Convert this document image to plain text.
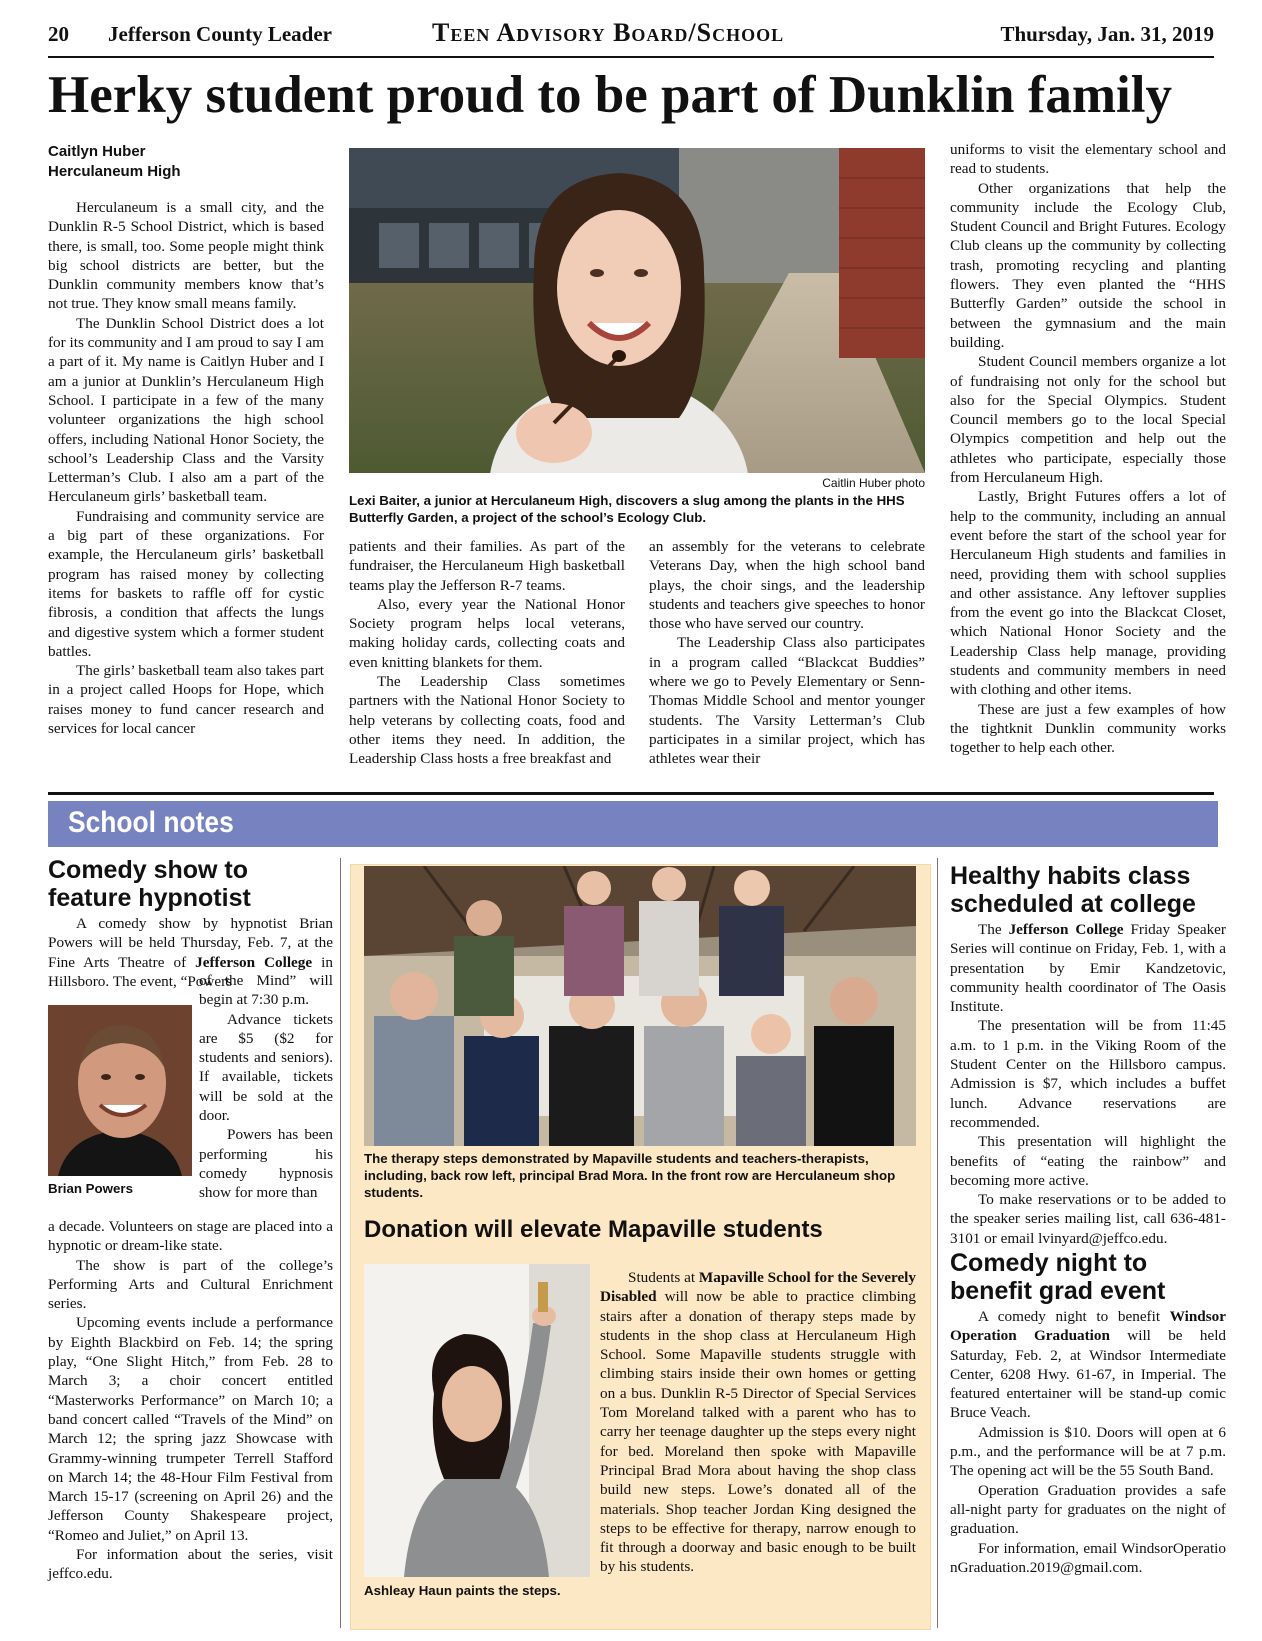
20 Jefferson County Leader	Teen Advisory Board/School	Thursday, Jan. 31, 2019
Herky student proud to be part of Dunklin family
Caitlyn Huber
Herculaneum High

Herculaneum is a small city, and the Dunklin R-5 School District, which is based there, is small, too. Some people might think big school districts are better, but the Dunklin community members know that’s not true. They know small means family.

The Dunklin School District does a lot for its community and I am proud to say I am a part of it. My name is Caitlyn Huber and I am a junior at Dunklin’s Herculaneum High School. I participate in a few of the many volunteer organizations the high school offers, including National Honor Society, the school’s Leadership Class and the Varsity Letterman’s Club. I also am a part of the Herculaneum girls’ basketball team.

Fundraising and community service are a big part of these organizations. For example, the Herculaneum girls’ basketball program has raised money by collecting items for baskets to raffle off for cystic fibrosis, a condition that affects the lungs and digestive system which a former student battles.

The girls’ basketball team also takes part in a project called Hoops for Hope, which raises money to fund cancer research and services for local cancer

Caitlin Huber photo
Lexi Baiter, a junior at Herculaneum High, discovers a slug among the plants in the HHS Butterfly Garden, a project of the school’s Ecology Club.

patients and their families. As part of the fundraiser, the Herculaneum High basketball teams play the Jefferson R-7 teams.

Also, every year the National Honor Society program helps local veterans, making holiday cards, collecting coats and even knitting blankets for them.

The Leadership Class sometimes partners with the National Honor Society to help veterans by collecting coats, food and other items they need. In addition, the Leadership Class hosts a free breakfast and

an assembly for the veterans to celebrate Veterans Day, when the high school band plays, the choir sings, and the leadership students and teachers give speeches to honor those who have served our country.

The Leadership Class also participates in a program called “Blackcat Buddies” where we go to Pevely Elementary or Senn-Thomas Middle School and mentor younger students. The Varsity Letterman’s Club participates in a similar project, which has athletes wear their

uniforms to visit the elementary school and read to students.

Other organizations that help the community include the Ecology Club, Student Council and Bright Futures. Ecology Club cleans up the community by collecting trash, promoting recycling and planting flowers. They even planted the “HHS Butterfly Garden” outside the school in between the gymnasium and the main building.

Student Council members organize a lot of fundraising not only for the school but also for the Special Olympics. Student Council members go to the local Special Olympics competition and help out the athletes who participate, especially those from Herculaneum High.

Lastly, Bright Futures offers a lot of help to the community, including an annual event before the start of the school year for Herculaneum High students and families in need, providing them with school supplies and other assistance. Any leftover supplies from the event go into the Blackcat Closet, which National Honor Society and the Leadership Class help manage, providing students and community members in need with clothing and other items.

These are just a few examples of how the tightknit Dunklin community works together to help each other.

School notes
Comedy show to feature hypnotist

A comedy show by hypnotist Brian Powers will be held Thursday, Feb. 7, at the Fine Arts Theatre of Jefferson College in Hillsboro. The event, “Powers

Brian Powers

of the Mind” will begin at 7:30 p.m.

Advance tickets are $5 ($2 for students and seniors). If available, tickets will be sold at the door.

Powers has been performing his comedy hypnosis show for more than

a decade. Volunteers on stage are placed into a hypnotic or dream-like state.

The show is part of the college’s Performing Arts and Cultural Enrichment series.

Upcoming events include a performance by Eighth Blackbird on Feb. 14; the spring play, “One Slight Hitch,” from Feb. 28 to March 3; a choir concert entitled “Masterworks Performance” on March 10; a band concert called “Travels of the Mind” on March 12; the spring jazz Showcase with Grammy-winning trumpeter Terrell Stafford on March 14; the 48-Hour Film Festival from March 15-17 (screening on April 26) and the Jefferson County Shakespeare project, “Romeo and Juliet,” on April 13.

For information about the series, visit jeffco.edu.

The therapy steps demonstrated by Mapaville students and teachers-therapists, including, back row left, principal Brad Mora. In the front row are Herculaneum shop students.
Donation will elevate Mapaville students
Ashleay Haun paints the steps.

Students at Mapaville School for the Severely Disabled will now be able to practice climbing stairs after a donation of therapy steps made by students in the shop class at Herculaneum High School. Some Mapaville students struggle with climbing stairs inside their own homes or getting on a bus. Dunklin R-5 Director of Special Services Tom Moreland talked with a parent who has to carry her teenage daughter up the steps every night for bed. Moreland then spoke with Mapaville Principal Brad Mora about having the shop class build new steps. Lowe’s donated all of the materials. Shop teacher Jordan King designed the steps to be effective for therapy, narrow enough to fit through a doorway and basic enough to be built by his students.

Healthy habits class scheduled at college

The Jefferson College Friday Speaker Series will continue on Friday, Feb. 1, with a presentation by Emir Kandzetovic, community health coordinator of The Oasis Institute.

The presentation will be from 11:45 a.m. to 1 p.m. in the Viking Room of the Student Center on the Hillsboro campus. Admission is $7, which includes a buffet lunch. Advance reservations are recommended.

This presentation will highlight the benefits of “eating the rainbow” and becoming more active.

To make reservations or to be added to the speaker series mailing list, call 636-481-3101 or email lvinyard@jeffco.edu.

Comedy night to benefit grad event

A comedy night to benefit Windsor Operation Graduation will be held Saturday, Feb. 2, at Windsor Intermediate Center, 6208 Hwy. 61-67, in Imperial. The featured entertainer will be stand-up comic Bruce Veach.

Admission is $10. Doors will open at 6 p.m., and the performance will be at 7 p.m. The opening act will be the 55 South Band.

Operation Graduation provides a safe all-night party for graduates on the night of graduation.

For information, email WindsorOperationGraduation.2019@gmail.com.
